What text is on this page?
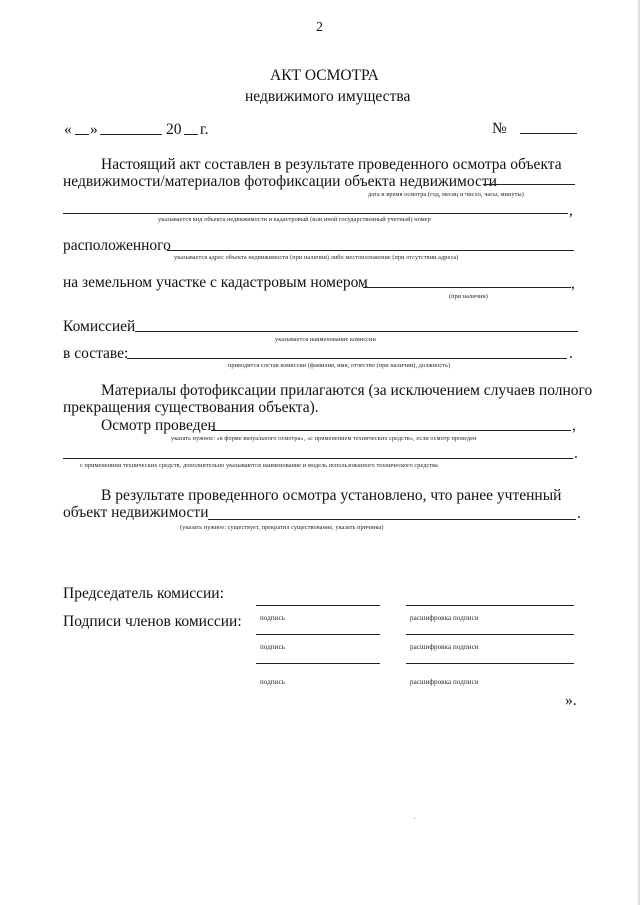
2
АКТ ОСМОТРА
недвижимого имущества
« »	20 г.	№
Настоящий акт составлен в результате проведенного осмотра объекта
недвижимости/материалов фотофиксации объекта недвижимости
дата и время осмотра (год, месяц и число, часы, минуты)
,
указывается вид объекта недвижимости и кадастровый (или иной государственный учетный) номер
расположенного
указывается адрес объекта недвижимости (при наличии) либо местоположение (при отсутствии адреса)
на земельном участке с кадастровым номером	,
(при наличии)
Комиссией
указывается наименование комиссии
в составе:	.
приводится состав комиссии (фамилия, имя, отчество (при наличии), должность)
Материалы фотофиксации прилагаются (за исключением случаев полного
прекращения существования объекта).
Осмотр проведен	,
указать нужное: «в форме визуального осмотра», «с применением технических средств», если осмотр проведен
.
с применением технических средств, дополнительно указываются наименование и модель использованного технического средства
В результате проведенного осмотра установлено, что ранее учтенный
объект недвижимости	.
(указать нужное: существует, прекратил существование, указать причины)
Председатель комиссии:
Подписи членов комиссии:	подпись	расшифровка подписи
подпись	расшифровка подписи
подпись	расшифровка подписи
».
